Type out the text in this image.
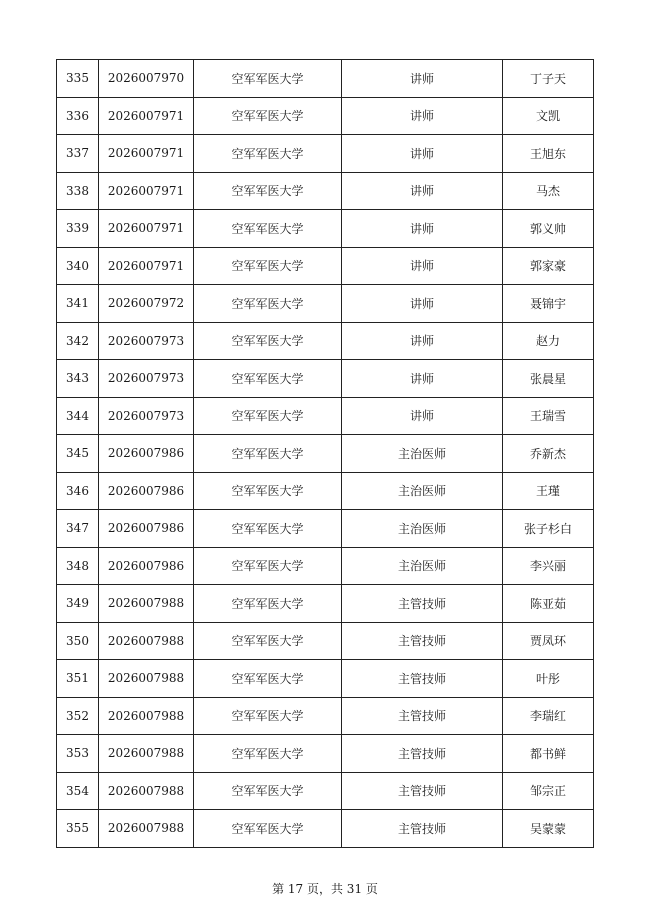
335	2026007970	空军军医大学	讲师	丁子天
336	2026007971	空军军医大学	讲师	文凯
337	2026007971	空军军医大学	讲师	王旭东
338	2026007971	空军军医大学	讲师	马杰
339	2026007971	空军军医大学	讲师	郭义帅
340	2026007971	空军军医大学	讲师	郭家豪
341	2026007972	空军军医大学	讲师	聂锦宇
342	2026007973	空军军医大学	讲师	赵力
343	2026007973	空军军医大学	讲师	张晨星
344	2026007973	空军军医大学	讲师	王瑞雪
345	2026007986	空军军医大学	主治医师	乔新杰
346	2026007986	空军军医大学	主治医师	王瑾
347	2026007986	空军军医大学	主治医师	张子杉白
348	2026007986	空军军医大学	主治医师	李兴丽
349	2026007988	空军军医大学	主管技师	陈亚茹
350	2026007988	空军军医大学	主管技师	贾凤环
351	2026007988	空军军医大学	主管技师	叶彤
352	2026007988	空军军医大学	主管技师	李瑞红
353	2026007988	空军军医大学	主管技师	都书鲜
354	2026007988	空军军医大学	主管技师	邹宗正
355	2026007988	空军军医大学	主管技师	吴蒙蒙
第 17 页，共 31 页
